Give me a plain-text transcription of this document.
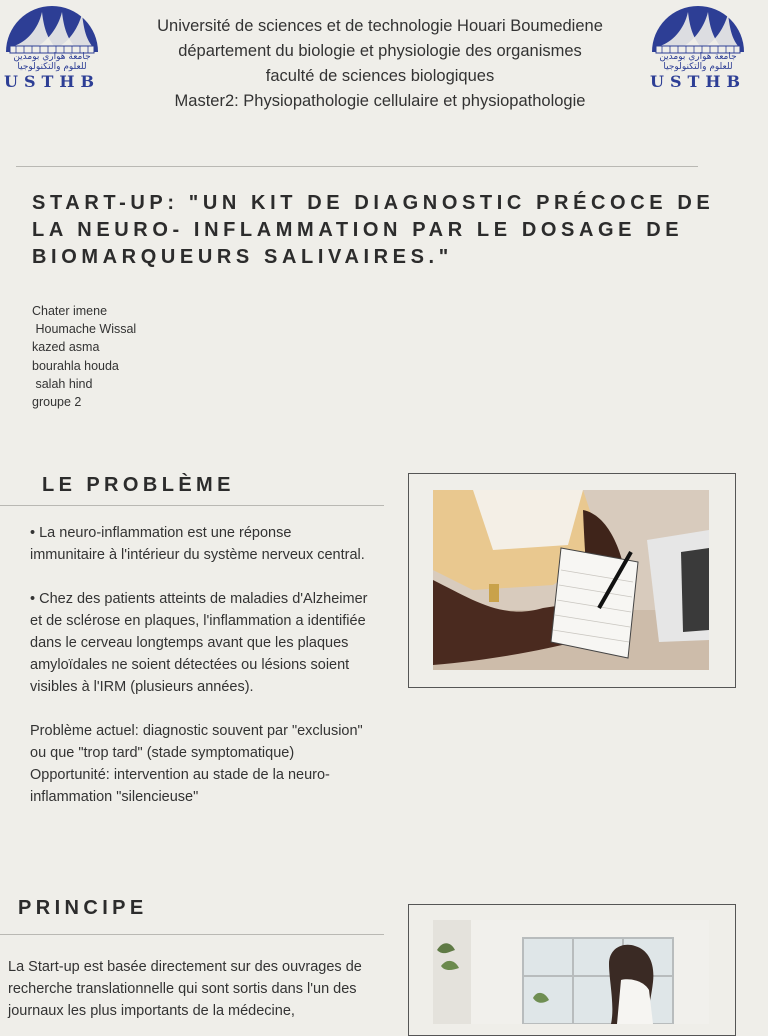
جامعة هواري بومدين
للعلوم والتكنولوجيا
USTHB
جامعة هواري بومدين
للعلوم والتكنولوجيا
USTHB
Université de sciences et de technologie Houari Boumediene
département du biologie et physiologie des organismes
faculté de sciences biologiques
Master2: Physiopathologie cellulaire et physiopathologie
START-UP: "UN KIT DE DIAGNOSTIC PRÉCOCE DE LA NEURO- INFLAMMATION PAR LE DOSAGE DE BIOMARQUEURS SALIVAIRES."
Chater imene
Houmache Wissal
kazed asma
bourahla houda
salah hind
groupe 2
LE PROBLÈME

• La neuro-inflammation est une réponse immunitaire à l'intérieur du système nerveux central.

• Chez des patients atteints de maladies d'Alzheimer et de sclérose en plaques, l'inflammation a identifiée dans le cerveau longtemps avant que les plaques amyloïdales ne soient détectées ou lésions soient visibles à l'IRM (plusieurs années).

Problème actuel: diagnostic souvent par "exclusion" ou que "trop tard" (stade symptomatique) Opportunité: intervention au stade de la neuro-inflammation "silencieuse"

PRINCIPE
La Start-up est basée directement sur des ouvrages de recherche translationnelle qui sont sortis dans l'un des journaux les plus importants de la médecine,
